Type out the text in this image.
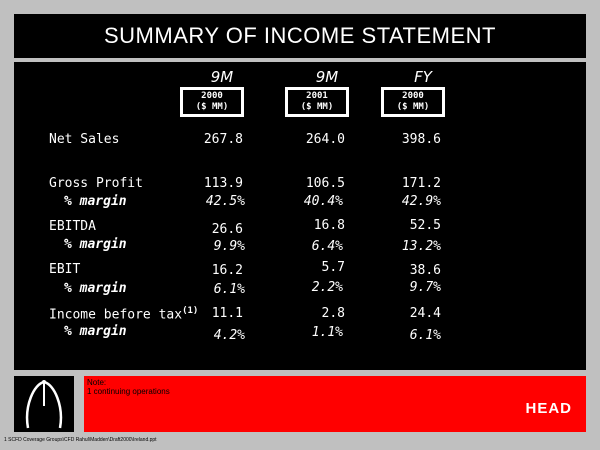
SUMMARY OF INCOME STATEMENT
9M	9M	FY
2000
($ MM)
2001
($ MM)
2000
($ MM)
Net Sales	267.8	264.0	398.6
Gross Profit	113.9	106.5	171.2
% margin	42.5%	40.4%	42.9%
EBITDA	26.6	16.8	52.5
% margin	9.9%	6.4%	13.2%
EBIT	16.2	5.7	38.6
% margin	6.1%	2.2%	9.7%
Income before tax$^{(1)}$ 11.1	2.8	24.4
% margin	4.2%	1.1%	6.1%
Note:
1 continuing operations
HEAD
1 SCFD Coverage Groups\CFD Rahul\Madden\Draft2000\Ireland.ppt
